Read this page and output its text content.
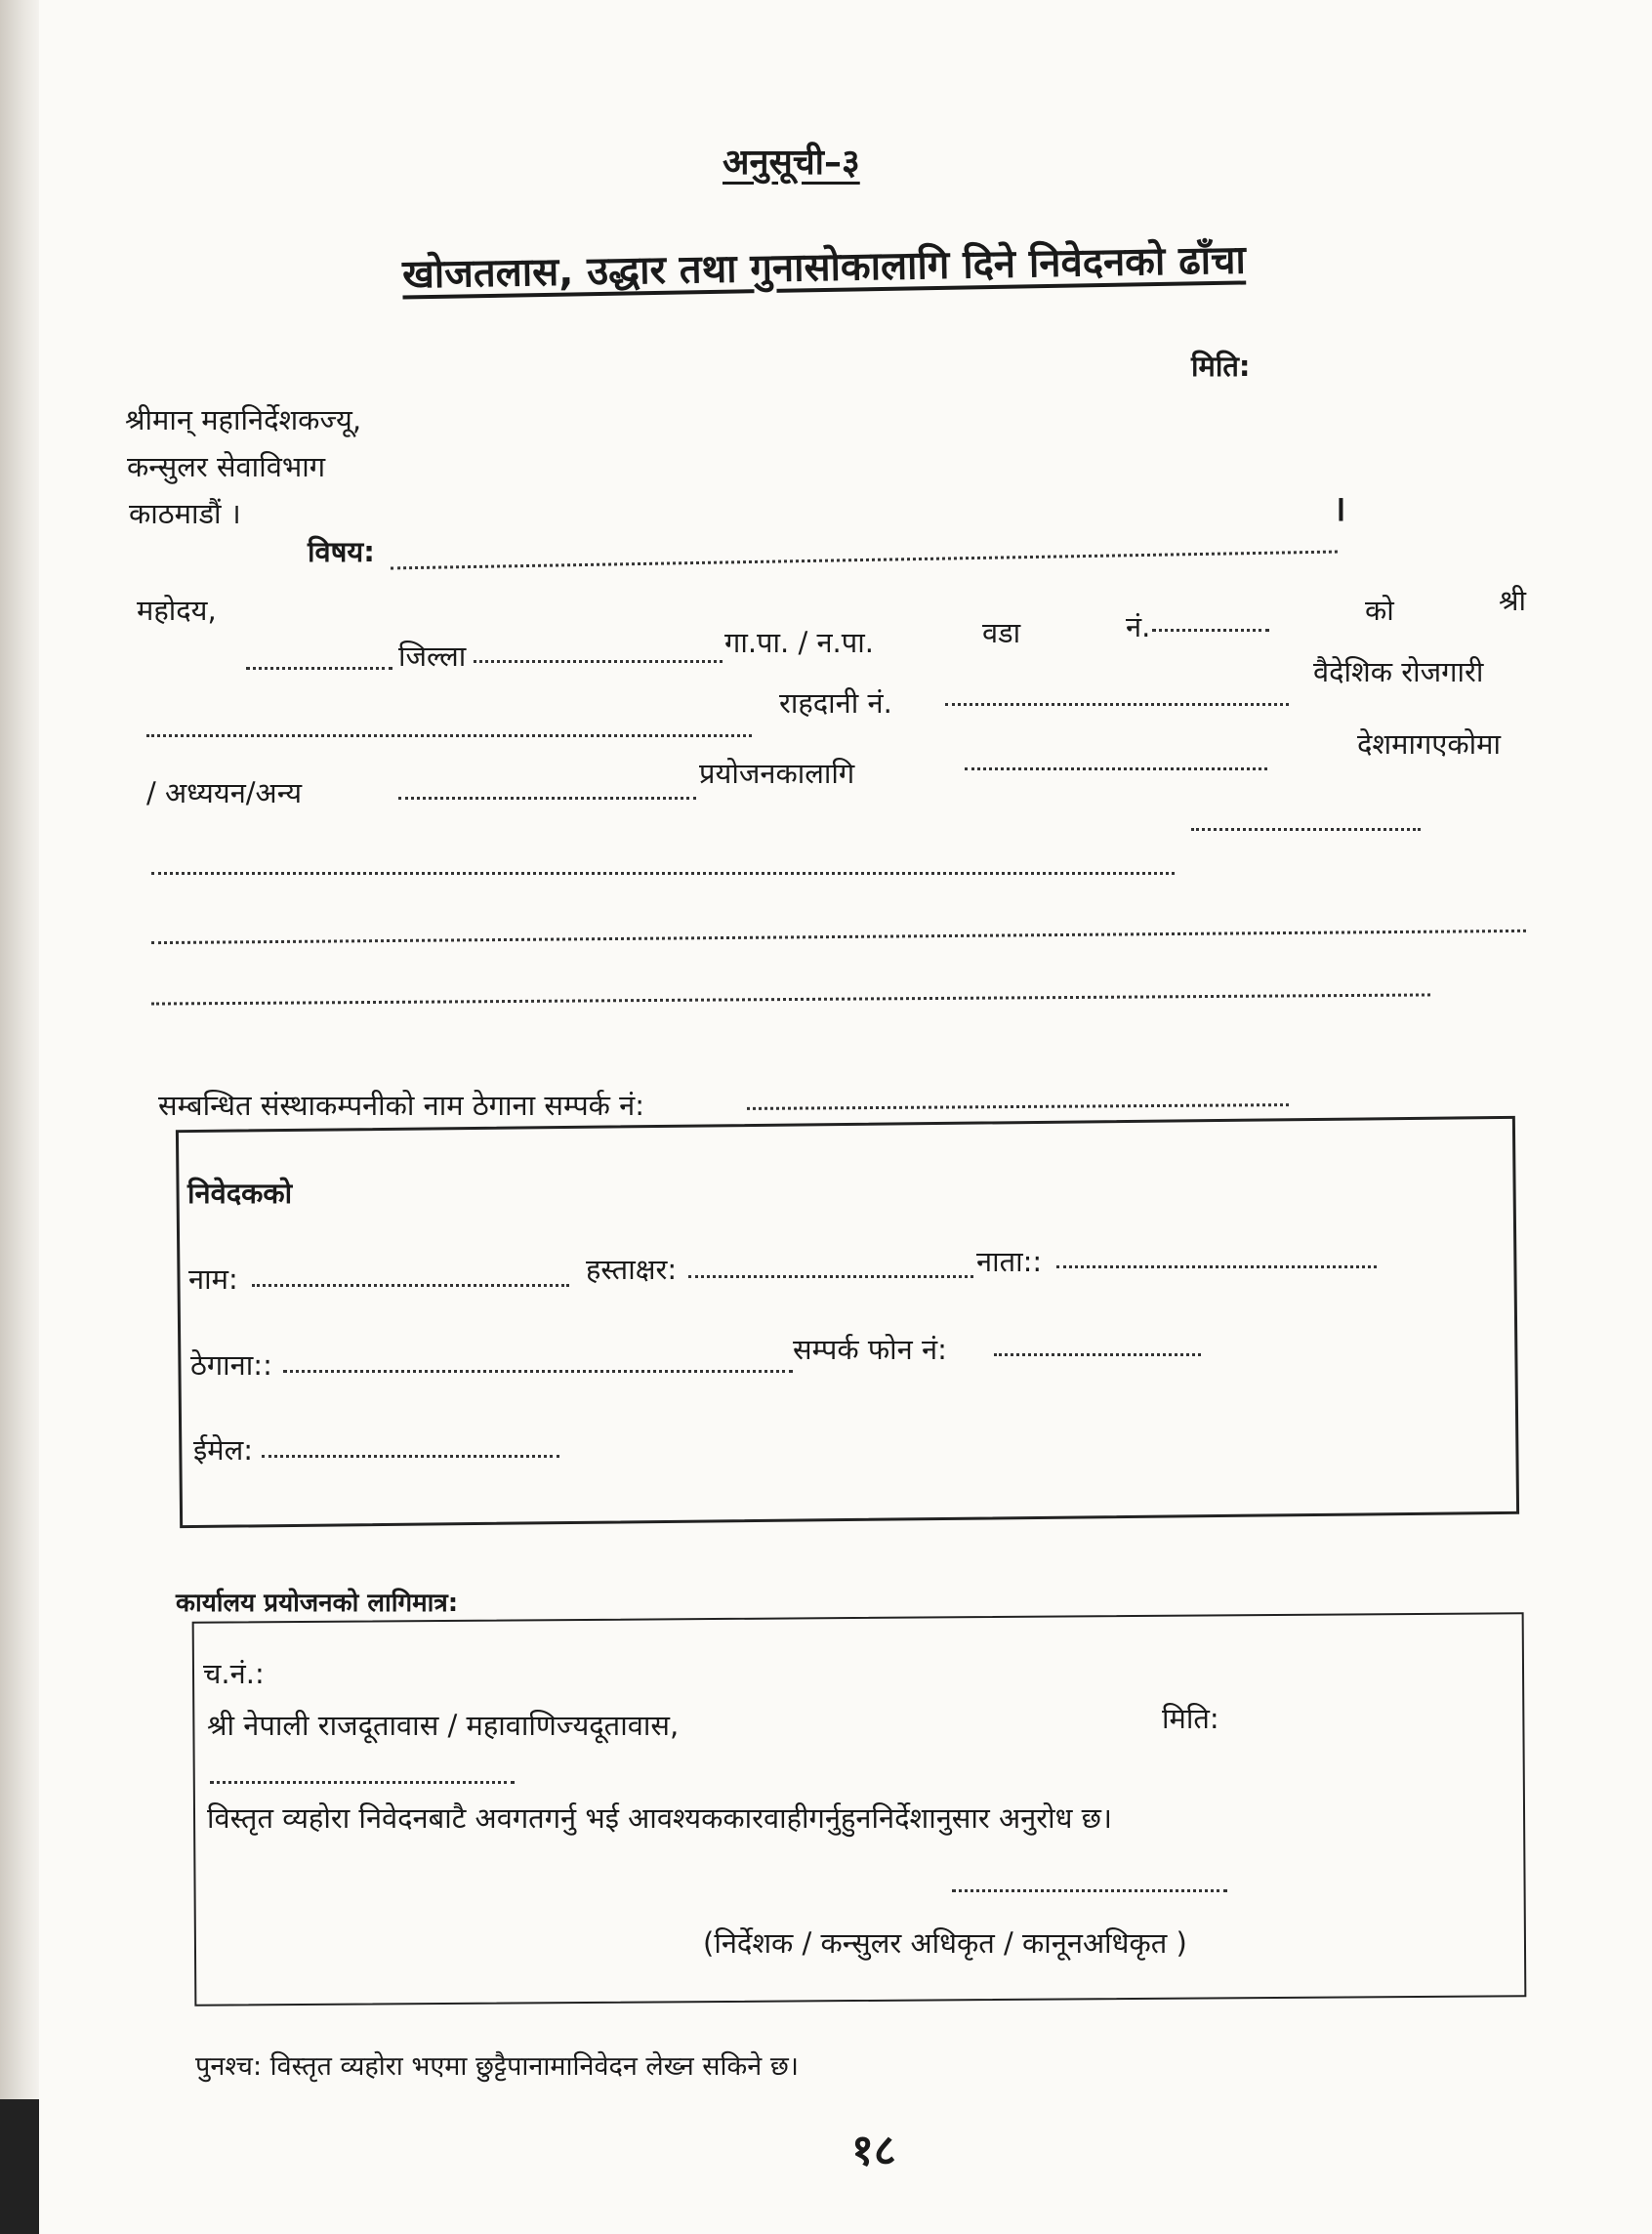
अनुसूची–३
खोजतलास, उद्धार तथा गुनासोकालागि दिने निवेदनको ढाँचा
मिति:
श्रीमान् महानिर्देशकज्यू,
कन्सुलर सेवाविभाग
काठमाडौं ।
विषय:
।
महोदय,	को	श्री
जिल्ला	गा.पा. / न.पा.	वडा	नं.
राहदानी नं.
वैदेशिक रोजगारी
/ अध्ययन/अन्य
प्रयोजनकालागि
देशमागएकोमा
सम्बन्धित संस्थाकम्पनीको नाम ठेगाना सम्पर्क नं:
निवेदकको
नाम:	हस्ताक्षर:	नाता::
ठेगाना::	सम्पर्क फोन नं:
ईमेल:
कार्यालय प्रयोजनको लागिमात्र:
च.नं.:
श्री नेपाली राजदूतावास / महावाणिज्यदूतावास,	मिति:
विस्तृत व्यहोरा निवेदनबाटै अवगतगर्नु भई आवश्यककारवाहीगर्नुहुननिर्देशानुसार अनुरोध छ।
(निर्देशक / कन्सुलर अधिकृत / कानूनअधिकृत )
पुनश्च: विस्तृत व्यहोरा भएमा छुट्टैपानामानिवेदन लेख्न सकिने छ।
१८
